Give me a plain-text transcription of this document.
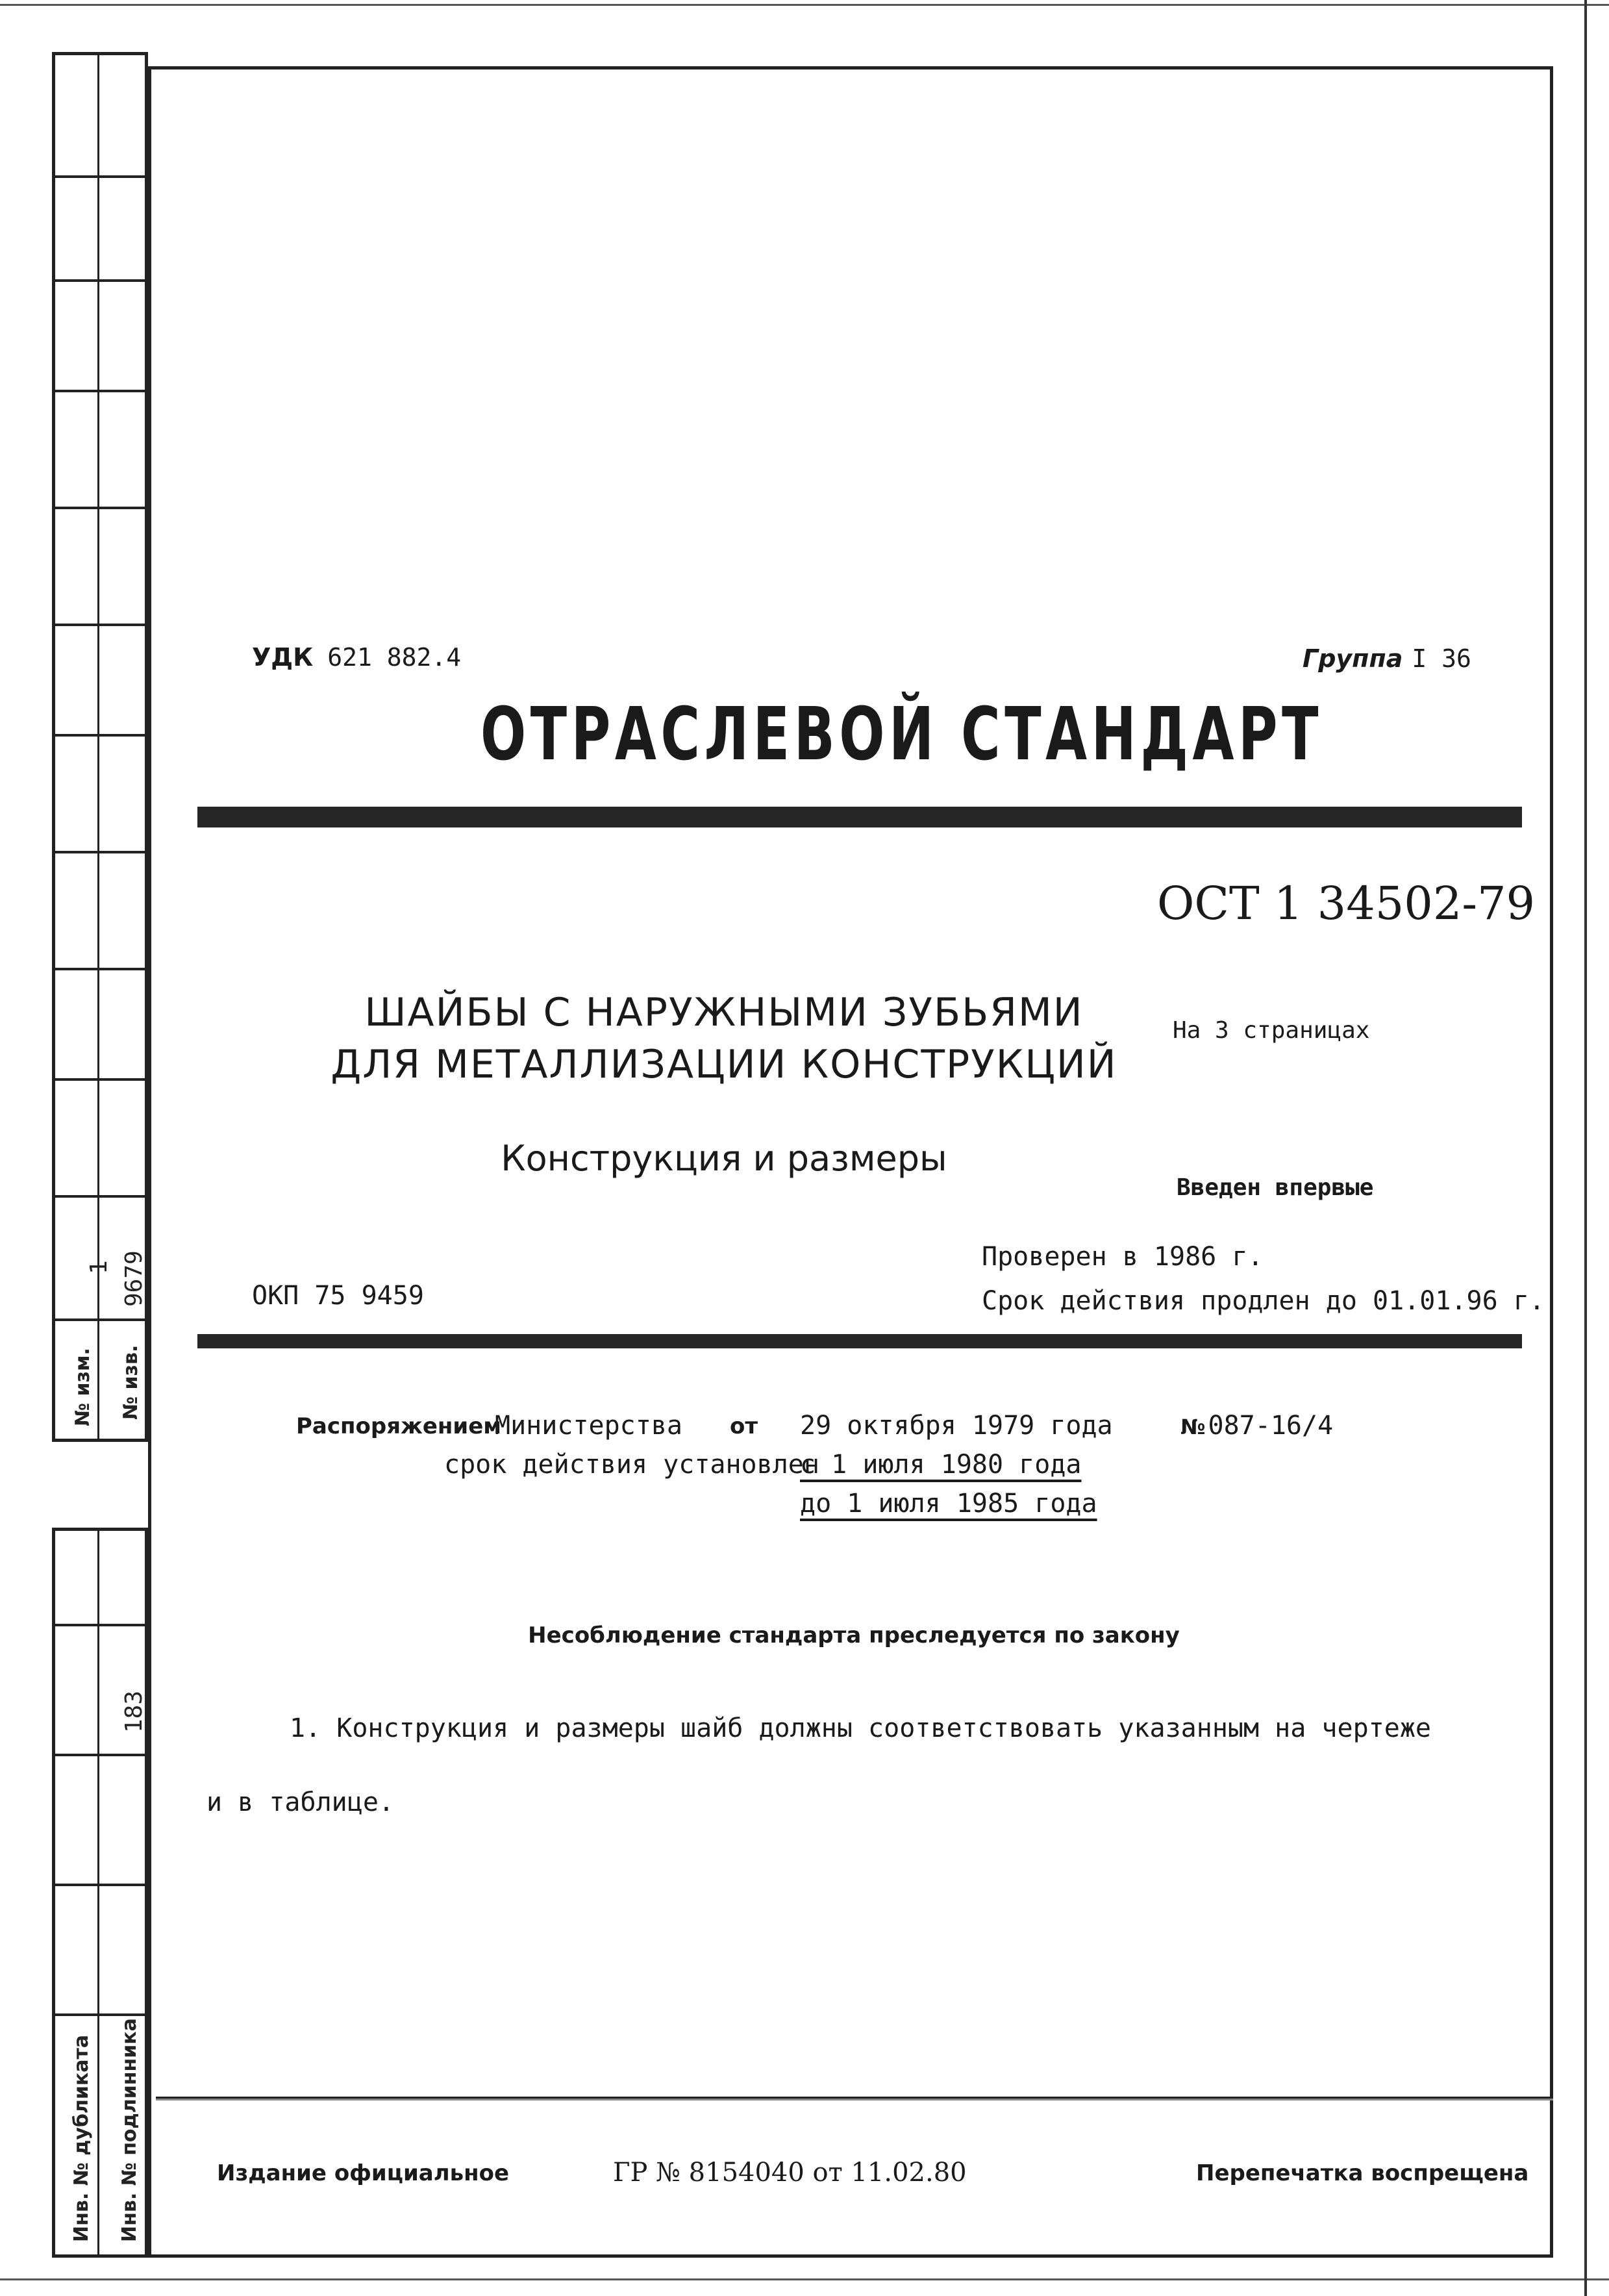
1 9679
№ изм. № изв.
183
Инв. № дубликата Инв. № подлинника
УДК 621 882.4	Группа I 36
ОТРАСЛЕВОЙ СТАНДАРТ
ОСТ 1 34502-79
ШАЙБЫ С НАРУЖНЫМИ ЗУБЬЯМИ
ДЛЯ МЕТАЛЛИЗАЦИИ КОНСТРУКЦИЙ
Конструкция и размеры
На 3 страницах
Введен впервые
Проверен в 1986 г.
Срок действия продлен до 01.01.96 г.
ОКП 75 9459
Распоряжением
Министерства от 29 октября 1979 года	№ 087-16/4
срок действия установлен
с 1 июля 1980 года
до 1 июля 1985 года
Несоблюдение стандарта преследуется по закону
1. Конструкция и размеры шайб должны соответствовать указанным на чертеже
и в таблице.
Издание официальное	ГР № 8154040 от 11.02.80	Перепечатка воспрещена
